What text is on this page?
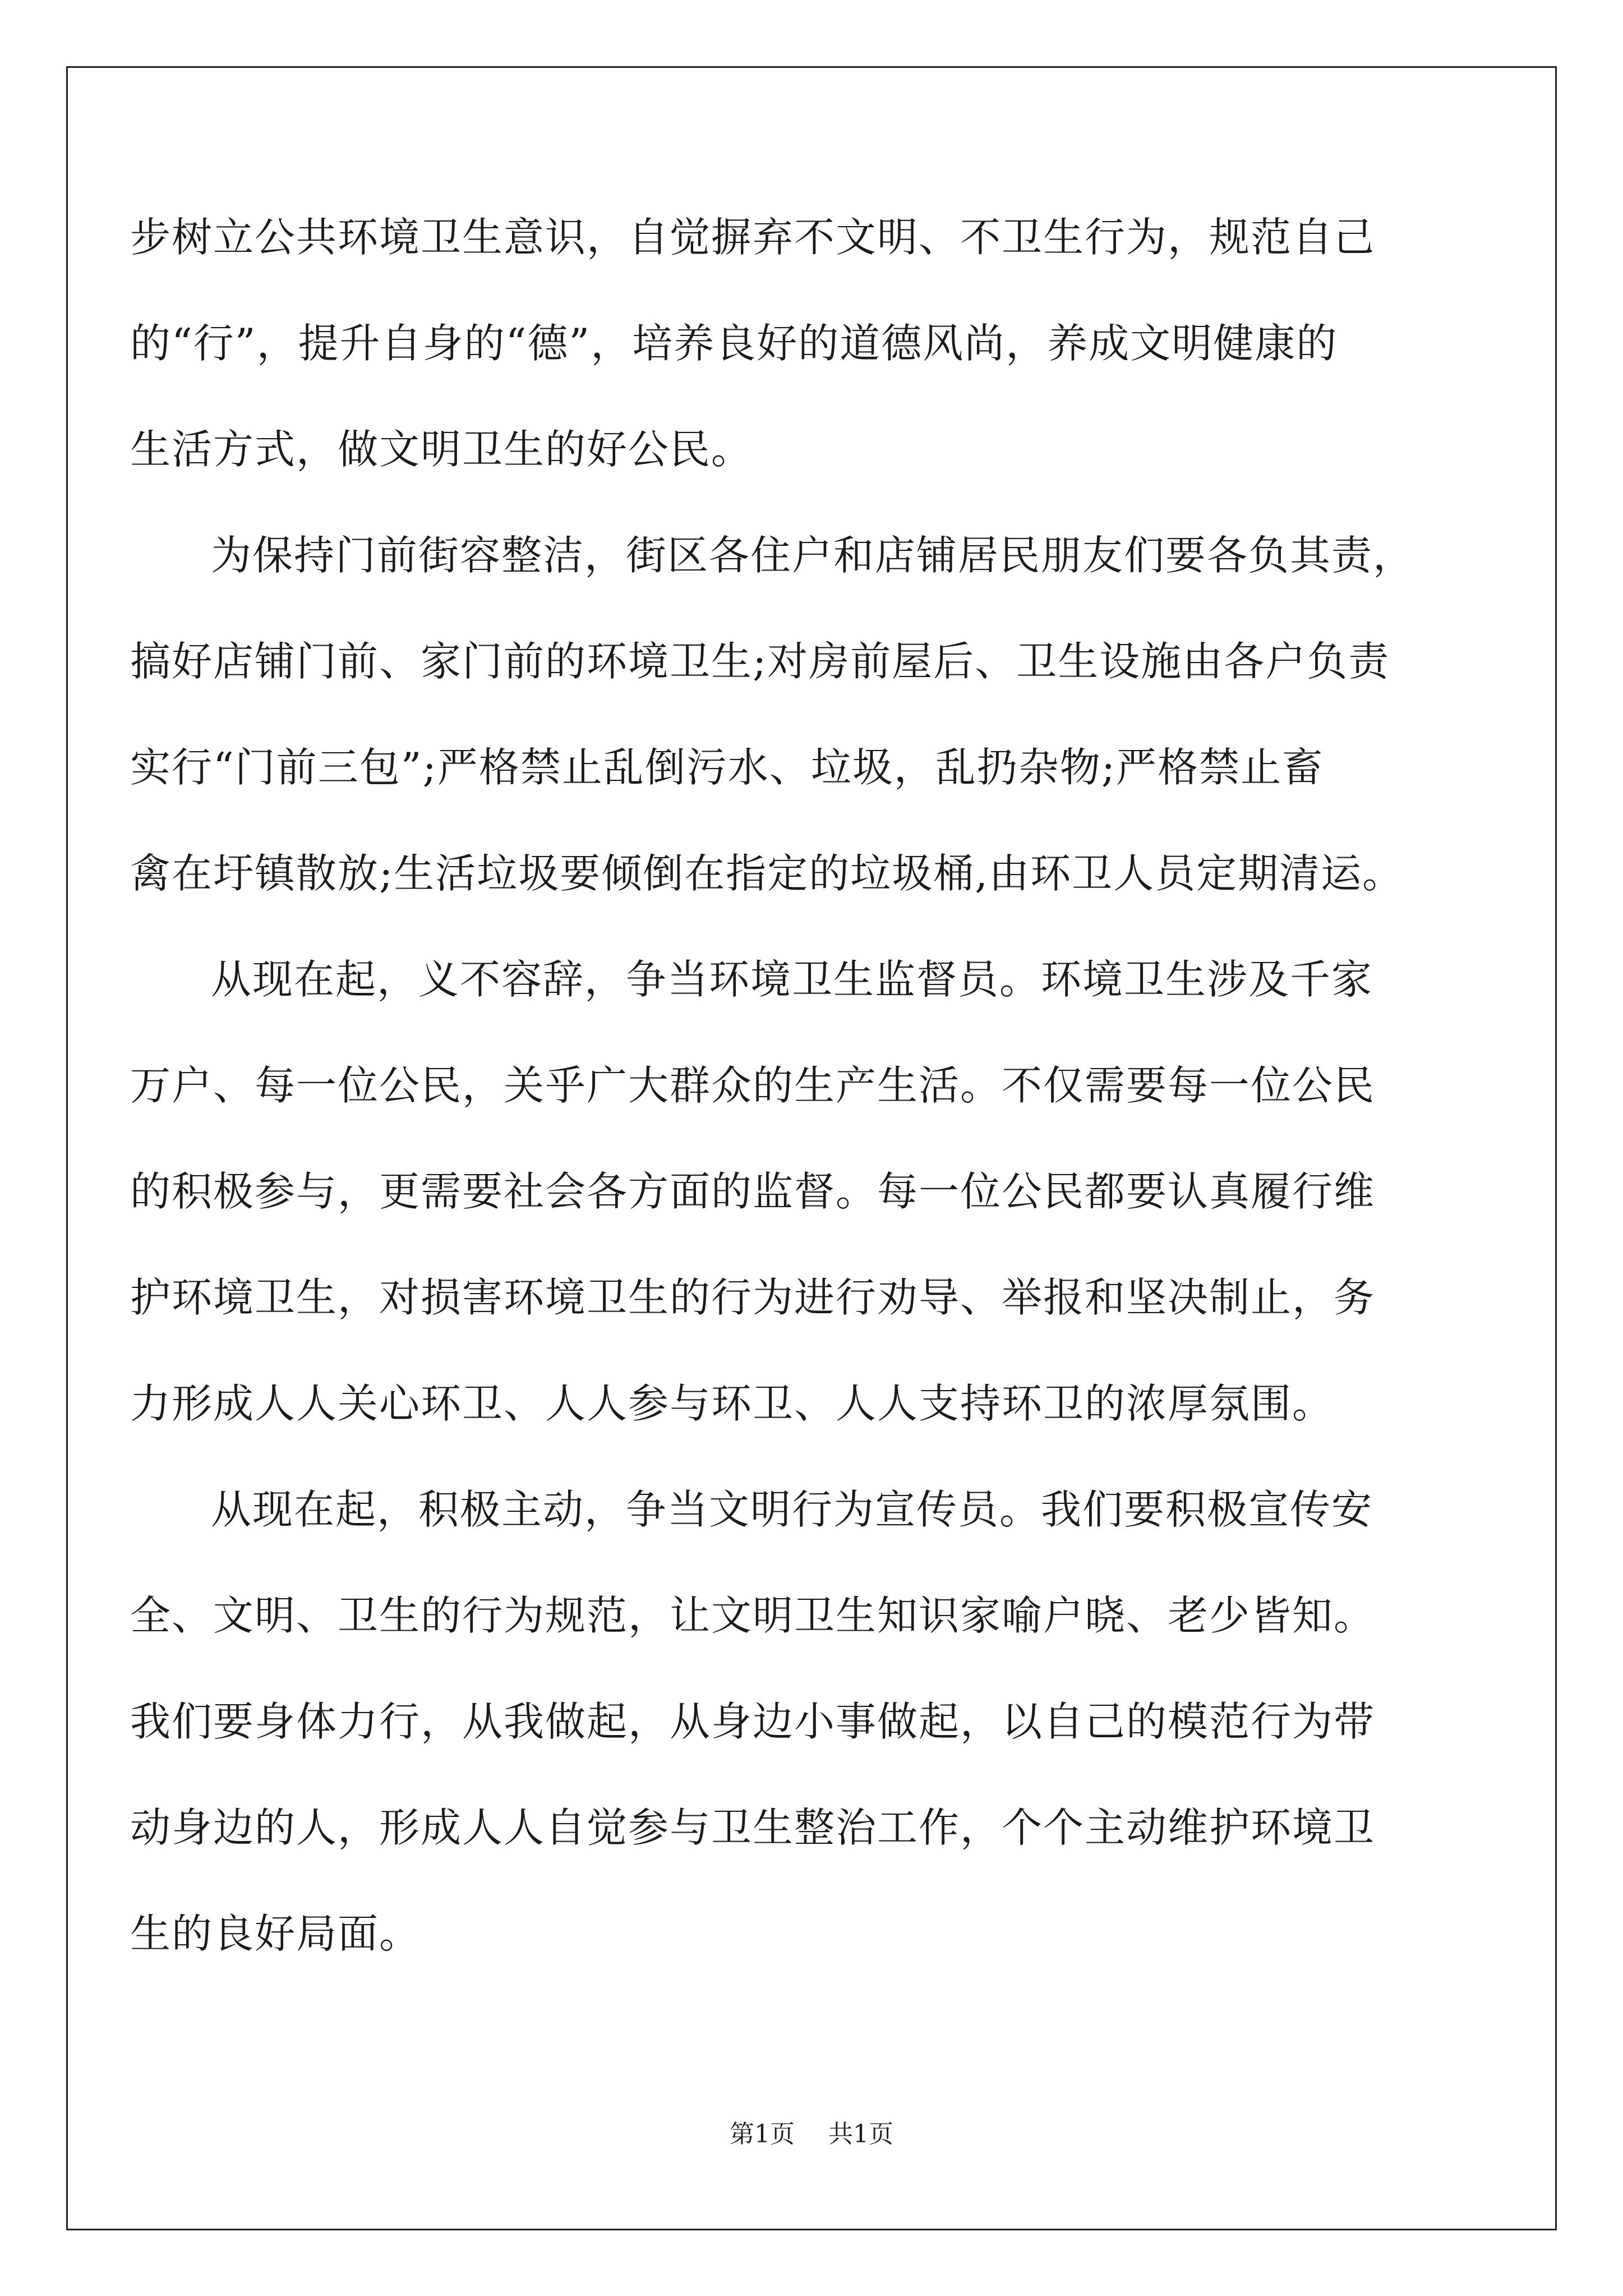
步树立公共环境卫生意识，自觉摒弃不文明、不卫生行为，规范自己
的“行”，提升自身的“德”，培养良好的道德风尚，养成文明健康的
生活方式，做文明卫生的好公民。
为保持门前街容整洁，街区各住户和店铺居民朋友们要各负其责，
搞好店铺门前、家门前的环境卫生;对房前屋后、卫生设施由各户负责
实行“门前三包”;严格禁止乱倒污水、垃圾，乱扔杂物;严格禁止畜
禽在圩镇散放;生活垃圾要倾倒在指定的垃圾桶,由环卫人员定期清运。
从现在起，义不容辞，争当环境卫生监督员。环境卫生涉及千家
万户、每一位公民，关乎广大群众的生产生活。不仅需要每一位公民
的积极参与，更需要社会各方面的监督。每一位公民都要认真履行维
护环境卫生，对损害环境卫生的行为进行劝导、举报和坚决制止，务
力形成人人关心环卫、人人参与环卫、人人支持环卫的浓厚氛围。
从现在起，积极主动，争当文明行为宣传员。我们要积极宣传安
全、文明、卫生的行为规范，让文明卫生知识家喻户晓、老少皆知。
我们要身体力行，从我做起，从身边小事做起，以自己的模范行为带
动身边的人，形成人人自觉参与卫生整治工作，个个主动维护环境卫
生的良好局面。
第1页 共1页
